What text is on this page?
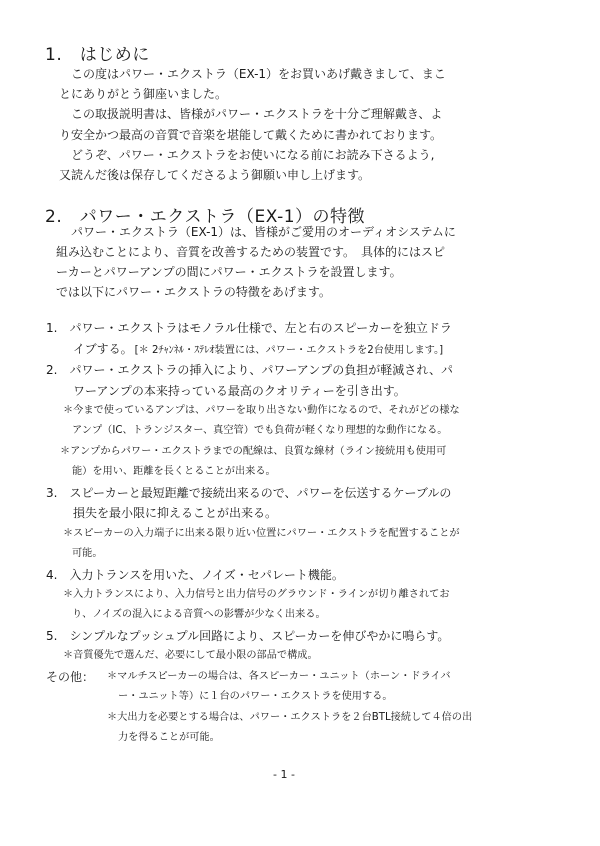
1.　はじめに
この度はパワー・エクストラ（EX-1）をお買いあげ戴きまして、まこ
とにありがとう御座いました。
この取扱説明書は、皆様がパワー・エクストラを十分ご理解戴き、よ
り安全かつ最高の音質で音楽を堪能して戴くために書かれております。
どうぞ、パワー・エクストラをお使いになる前にお読み下さるよう,
又読んだ後は保存してくださるよう御願い申し上げます。
2.　パワー・エクストラ（EX-1）の特徴
パワー・エクストラ（EX-1）は、皆様がご愛用のオーディオシステムに
組み込むことにより、音質を改善するための装置です。　具体的にはスピ
ーカーとパワーアンプの間にパワー・エクストラを設置します。
では以下にパワー・エクストラの特徴をあげます。
1.　パワー・エクストラはモノラル仕様で、左と右のスピーカーを独立ドラ
イブする。 [＊ 2ﾁｬﾝﾈﾙ・ｽﾃﾚｵ装置には、パワー・エクストラを2台使用します。]
2.　パワー・エクストラの挿入により、パワーアンプの負担が軽減され、パ
ワーアンプの本来持っている最高のクオリティーを引き出す。
＊今まで使っているアンプは、パワーを取り出さない動作になるので、それがどの様な
アンプ（IC、トランジスター、真空管）でも負荷が軽くなり理想的な動作になる。
＊アンプからパワー・エクストラまでの配線は、良質な線材（ライン接続用も使用可
能）を用い、距離を長くとることが出来る。
3.　スピーカーと最短距離で接続出来るので、パワーを伝送するケーブルの
損失を最小限に抑えることが出来る。
＊スピーカーの入力端子に出来る限り近い位置にパワー・エクストラを配置することが
可能。
4.　入力トランスを用いた、ノイズ・セパレート機能。
＊入力トランスにより、入力信号と出力信号のグラウンド・ラインが切り離されてお
り、ノイズの混入による音質への影響が少なく出来る。
5.　シンプルなプッシュプル回路により、スピーカーを伸びやかに鳴らす。
＊音質優先で選んだ、必要にして最小限の部品で構成。
その他： ＊マルチスピーカーの場合は、各スピーカー・ユニット（ホーン・ドライバ
ー・ユニット等）に１台のパワー・エクストラを使用する。
＊大出力を必要とする場合は、パワー・エクストラを２台BTL接続して４倍の出
力を得ることが可能。
- 1 -
